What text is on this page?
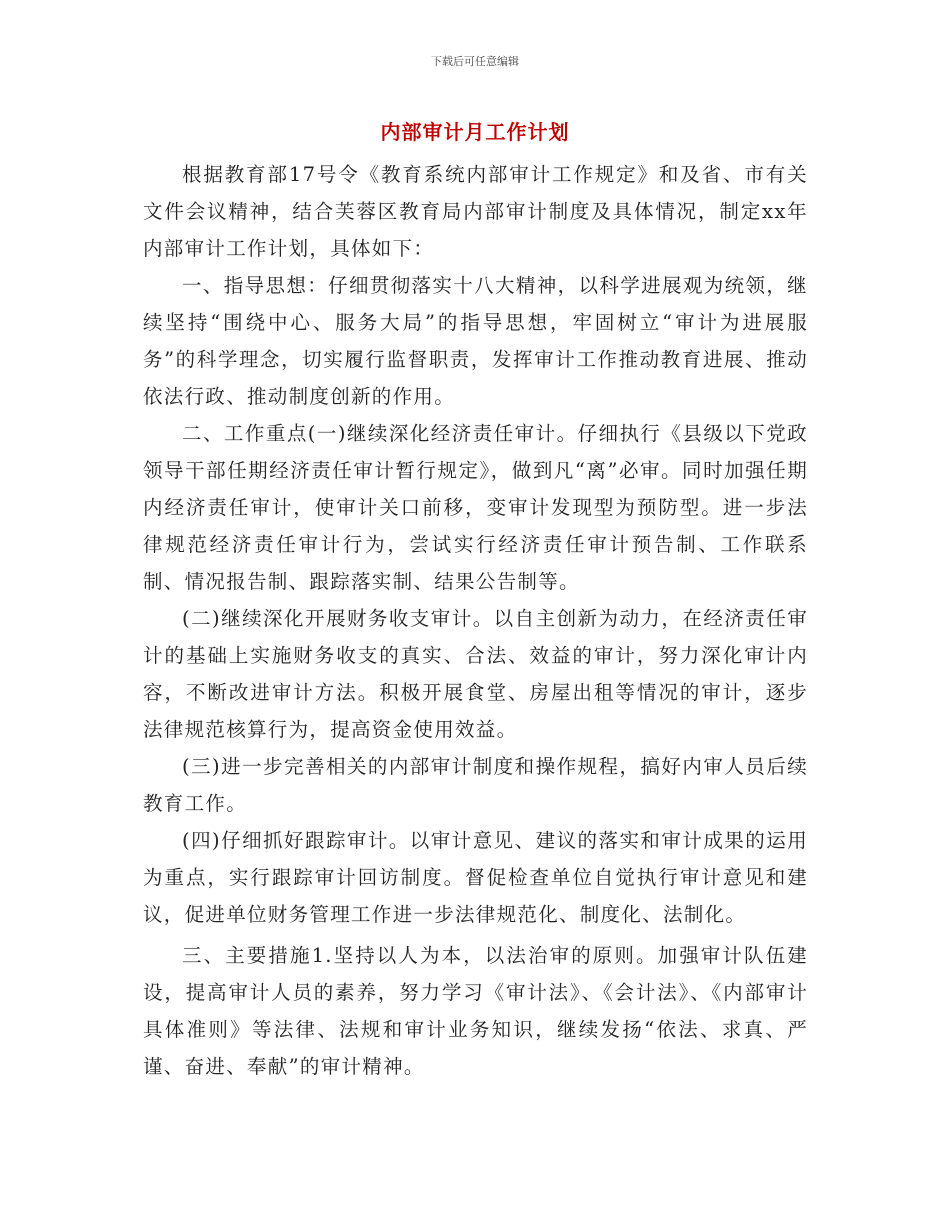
下载后可任意编辑
内部审计月工作计划

根据教育部17号令《教育系统内部审计工作规定》和及省、市有关文件会议精神，结合芙蓉区教育局内部审计制度及具体情况，制定xx年内部审计工作计划，具体如下：

一、指导思想：仔细贯彻落实十八大精神，以科学进展观为统领，继续坚持“围绕中心、服务大局”的指导思想，牢固树立“审计为进展服务”的科学理念，切实履行监督职责，发挥审计工作推动教育进展、推动依法行政、推动制度创新的作用。

二、工作重点(一)继续深化经济责任审计。仔细执行《县级以下党政领导干部任期经济责任审计暂行规定》，做到凡“离”必审。同时加强任期内经济责任审计，使审计关口前移，变审计发现型为预防型。进一步法律规范经济责任审计行为，尝试实行经济责任审计预告制、工作联系制、情况报告制、跟踪落实制、结果公告制等。

(二)继续深化开展财务收支审计。以自主创新为动力，在经济责任审计的基础上实施财务收支的真实、合法、效益的审计，努力深化审计内容，不断改进审计方法。积极开展食堂、房屋出租等情况的审计，逐步法律规范核算行为，提高资金使用效益。

(三)进一步完善相关的内部审计制度和操作规程，搞好内审人员后续教育工作。

(四)仔细抓好跟踪审计。以审计意见、建议的落实和审计成果的运用为重点，实行跟踪审计回访制度。督促检查单位自觉执行审计意见和建议，促进单位财务管理工作进一步法律规范化、制度化、法制化。

三、主要措施1.坚持以人为本，以法治审的原则。加强审计队伍建设，提高审计人员的素养，努力学习《审计法》、《会计法》、《内部审计具体准则》等法律、法规和审计业务知识，继续发扬“依法、求真、严谨、奋进、奉献”的审计精神。
